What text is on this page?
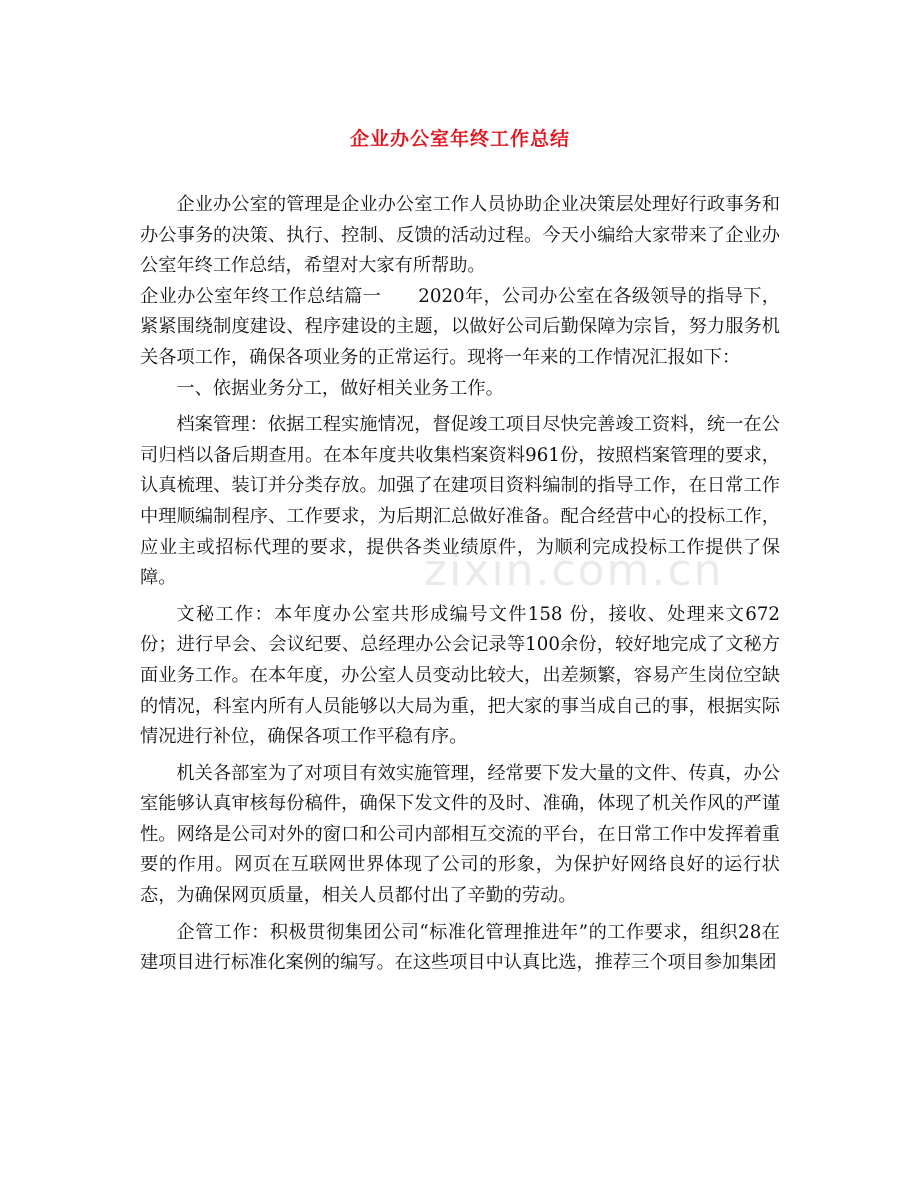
企业办公室年终工作总结
zixin.com.cn

企业办公室的管理是企业办公室工作人员协助企业决策层处理好行政事务和办公事务的决策、执行、控制、反馈的活动过程。今天小编给大家带来了企业办公室年终工作总结，希望对大家有所帮助。

企业办公室年终工作总结篇一　　2020年，公司办公室在各级领导的指导下，紧紧围绕制度建设、程序建设的主题，以做好公司后勤保障为宗旨，努力服务机关各项工作，确保各项业务的正常运行。现将一年来的工作情况汇报如下：

一、依据业务分工，做好相关业务工作。

档案管理：依据工程实施情况，督促竣工项目尽快完善竣工资料，统一在公司归档以备后期查用。在本年度共收集档案资料961份，按照档案管理的要求，认真梳理、装订并分类存放。加强了在建项目资料编制的指导工作，在日常工作中理顺编制程序、工作要求，为后期汇总做好准备。配合经营中心的投标工作，应业主或招标代理的要求，提供各类业绩原件，为顺利完成投标工作提供了保障。

文秘工作：本年度办公室共形成编号文件158 份，接收、处理来文672 份；进行早会、会议纪要、总经理办公会记录等100余份，较好地完成了文秘方面业务工作。在本年度，办公室人员变动比较大，出差频繁，容易产生岗位空缺的情况，科室内所有人员能够以大局为重，把大家的事当成自己的事，根据实际情况进行补位，确保各项工作平稳有序。

机关各部室为了对项目有效实施管理，经常要下发大量的文件、传真，办公室能够认真审核每份稿件，确保下发文件的及时、准确，体现了机关作风的严谨性。网络是公司对外的窗口和公司内部相互交流的平台，在日常工作中发挥着重要的作用。网页在互联网世界体现了公司的形象，为保护好网络良好的运行状态，为确保网页质量，相关人员都付出了辛勤的劳动。

企管工作：积极贯彻集团公司“标准化管理推进年”的工作要求，组织28在建项目进行标准化案例的编写。在这些项目中认真比选，推荐三个项目参加集团
